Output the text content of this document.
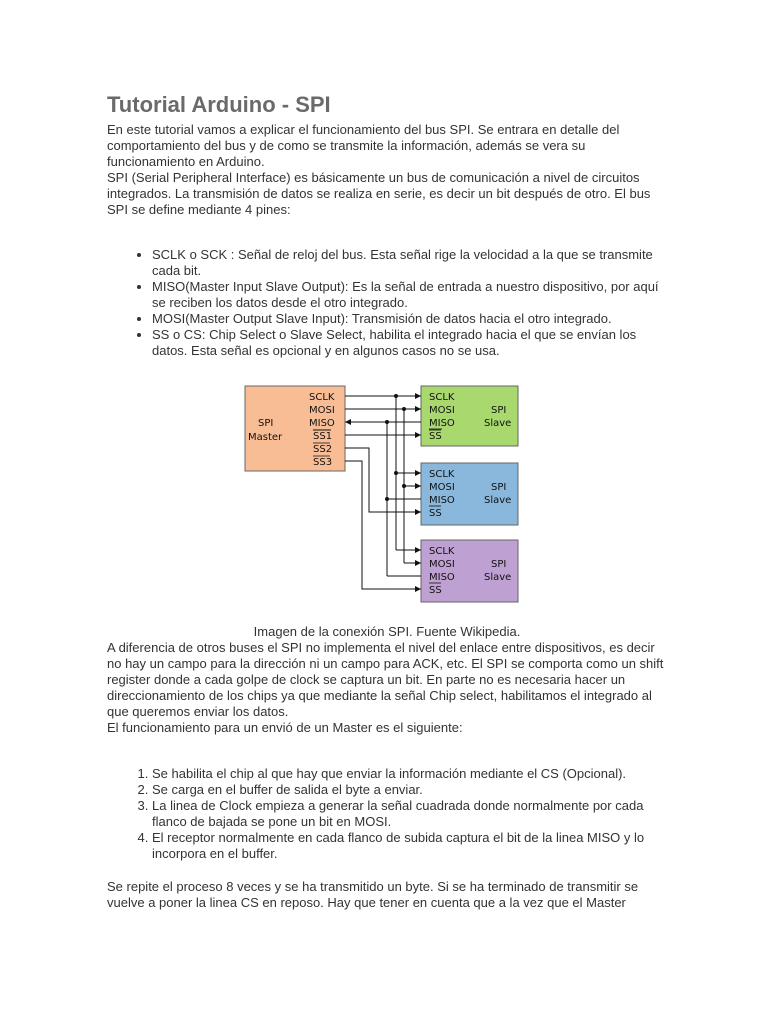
Tutorial Arduino - SPI

En este tutorial vamos a explicar el funcionamiento del bus SPI. Se entrara en detalle del comportamiento del bus y de como se transmite la información, además se vera su funcionamiento en Arduino.

SPI (Serial Peripheral Interface) es básicamente un bus de comunicación a nivel de circuitos integrados. La transmisión de datos se realiza en serie, es decir un bit después de otro. El bus SPI se define mediante 4 pines:

• SCLK o SCK : Señal de reloj del bus. Esta señal rige la velocidad a la que se transmite cada bit.
• MISO(Master Input Slave Output): Es la señal de entrada a nuestro dispositivo, por aquí se reciben los datos desde el otro integrado.
• MOSI(Master Output Slave Input): Transmisión de datos hacia el otro integrado.
• SS o CS: Chip Select o Slave Select, habilita el integrado hacia el que se envían los datos. Esta señal es opcional y en algunos casos no se usa.
SPI
Master
SCLK
MOSI
MISO
SS1
SS2
SS3
SCLK
MOSI
MISO
SS
SPI
Slave
SCLK
MOSI
MISO
SS
SPI
Slave
SCLK
MOSI
MISO
SS
SPI
Slave
Imagen de la conexión SPI. Fuente Wikipedia.

A diferencia de otros buses el SPI no implementa el nivel del enlace entre dispositivos, es decir no hay un campo para la dirección ni un campo para ACK, etc. El SPI se comporta como un shift register donde a cada golpe de clock se captura un bit. En parte no es necesaria hacer un direccionamiento de los chips ya que mediante la señal Chip select, habilitamos el integrado al que queremos enviar los datos.

El funcionamiento para un envió de un Master es el siguiente:

1. Se habilita el chip al que hay que enviar la información mediante el CS (Opcional).
2. Se carga en el buffer de salida el byte a enviar.
3. La linea de Clock empieza a generar la señal cuadrada donde normalmente por cada flanco de bajada se pone un bit en MOSI.
4. El receptor normalmente en cada flanco de subida captura el bit de la linea MISO y lo incorpora en el buffer.

Se repite el proceso 8 veces y se ha transmitido un byte. Si se ha terminado de transmitir se vuelve a poner la linea CS en reposo. Hay que tener en cuenta que a la vez que el Master
